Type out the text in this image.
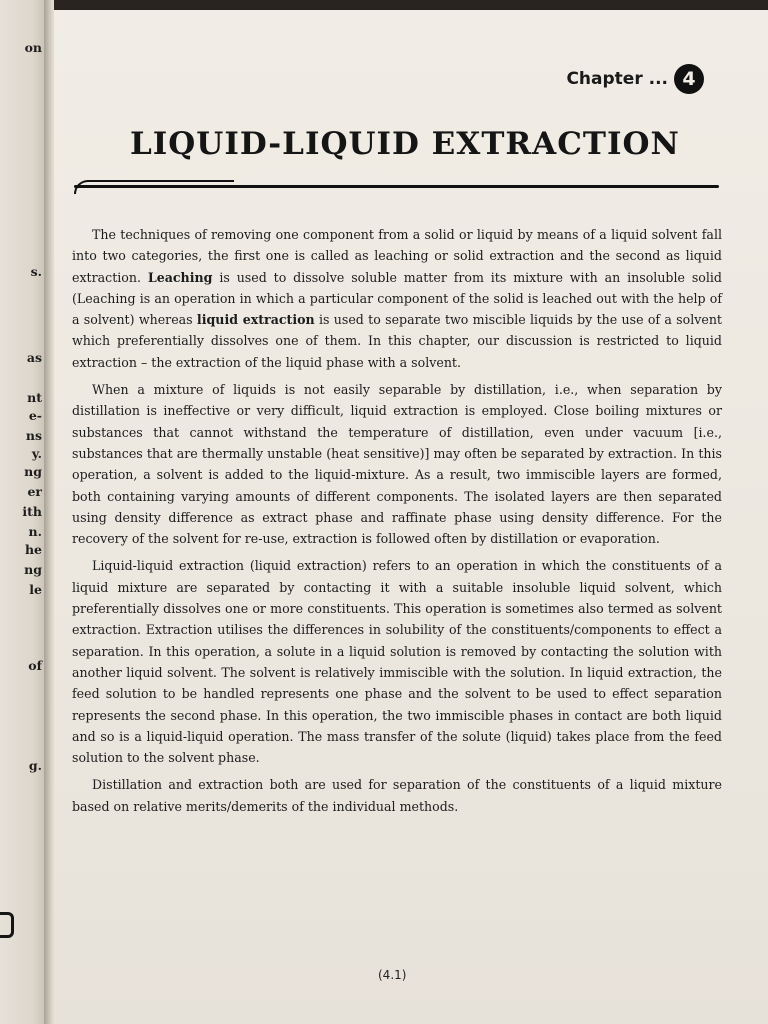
on
s.
as
nt
e-
ns
y.
ng
er
ith
n.
he
ng
le
of
g.
Chapter ... 4
LIQUID-LIQUID EXTRACTION

The techniques of removing one component from a solid or liquid by means of a liquid solvent fall into two categories, the first one is called as leaching or solid extraction and the second as liquid extraction. Leaching is used to dissolve soluble matter from its mixture with an insoluble solid (Leaching is an operation in which a particular component of the solid is leached out with the help of a solvent) whereas liquid extraction is used to separate two miscible liquids by the use of a solvent which preferentially dissolves one of them. In this chapter, our discussion is restricted to liquid extraction – the extraction of the liquid phase with a solvent.

When a mixture of liquids is not easily separable by distillation, i.e., when separation by distillation is ineffective or very difficult, liquid extraction is employed. Close boiling mixtures or substances that cannot withstand the temperature of distillation, even under vacuum [i.e., substances that are thermally unstable (heat sensitive)] may often be separated by extraction. In this operation, a solvent is added to the liquid-mixture. As a result, two immiscible layers are formed, both containing varying amounts of different components. The isolated layers are then separated using density difference as extract phase and raffinate phase using density difference. For the recovery of the solvent for re-use, extraction is followed often by distillation or evaporation.

Liquid-liquid extraction (liquid extraction) refers to an operation in which the constituents of a liquid mixture are separated by contacting it with a suitable insoluble liquid solvent, which preferentially dissolves one or more constituents. This operation is sometimes also termed as solvent extraction. Extraction utilises the differences in solubility of the constituents/components to effect a separation. In this operation, a solute in a liquid solution is removed by contacting the solution with another liquid solvent. The solvent is relatively immiscible with the solution. In liquid extraction, the feed solution to be handled represents one phase and the solvent to be used to effect separation represents the second phase. In this operation, the two immiscible phases in contact are both liquid and so is a liquid-liquid operation. The mass transfer of the solute (liquid) takes place from the feed solution to the solvent phase.

Distillation and extraction both are used for separation of the constituents of a liquid mixture based on relative merits/demerits of the individual methods.

(4.1)
